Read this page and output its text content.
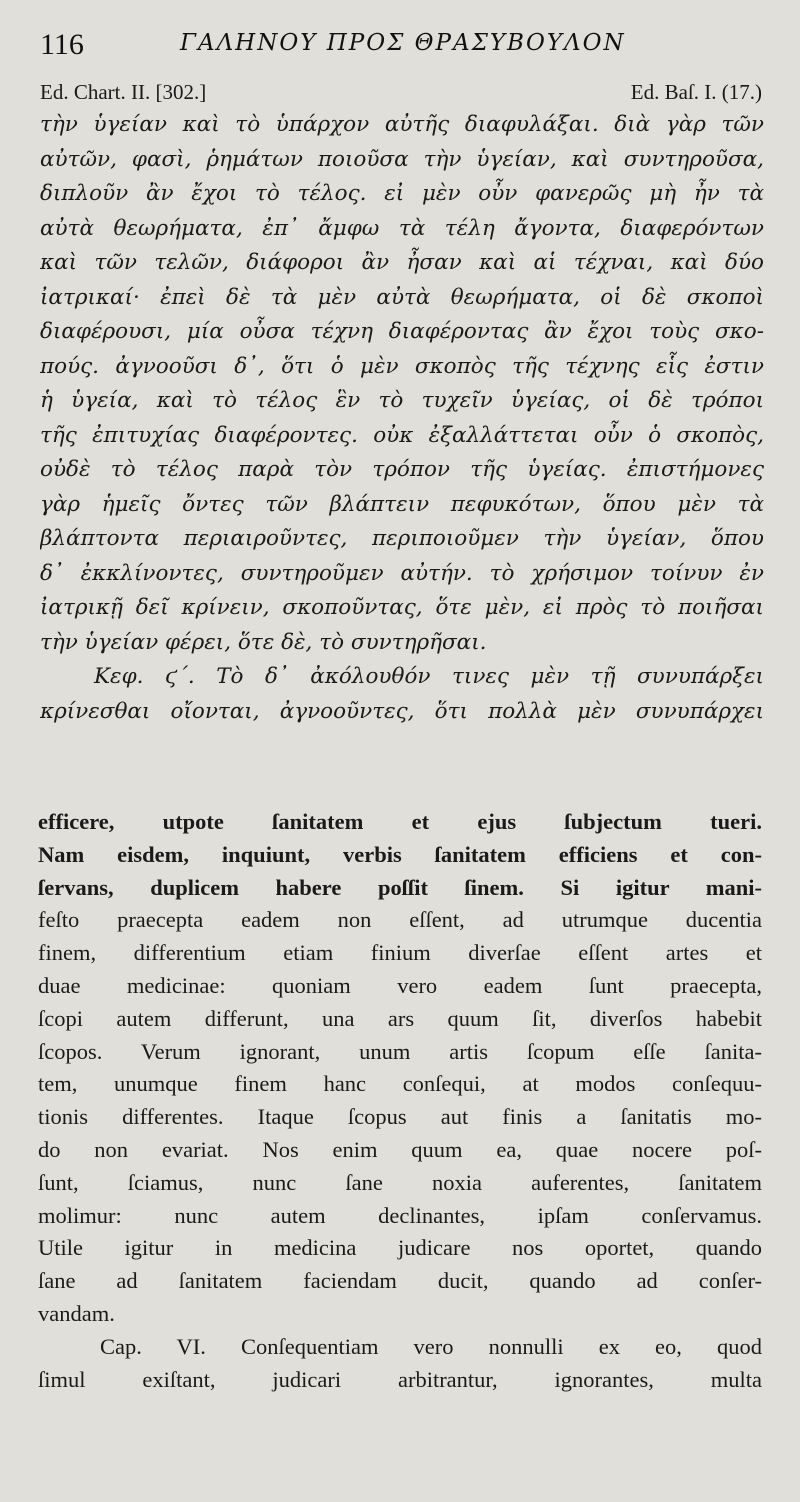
116	ΓΑΛΗΝΟΥ ΠΡΟΣ ΘΡΑΣΥΒΟΥΛΟΝ
Ed. Chart. II. [302.]	Ed. Baſ. I. (17.)
τὴν ὑγείαν καὶ τὸ ὑπάρχον αὐτῆς διαφυλάξαι. διὰ γὰρ τῶν
αὐτῶν, φασὶ, ῥημάτων ποιοῦσα τὴν ὑγείαν, καὶ συντηροῦσα,
διπλοῦν ἂν ἔχοι τὸ τέλος. εἰ μὲν οὖν φανερῶς μὴ ἦν τὰ
αὐτὰ θεωρήματα, ἐπ᾽ ἄμφω τὰ τέλη ἄγοντα, διαφερόντων
καὶ τῶν τελῶν, διάφοροι ἂν ἦσαν καὶ αἱ τέχναι, καὶ δύο
ἰατρικαί· ἐπεὶ δὲ τὰ μὲν αὐτὰ θεωρήματα, οἱ δὲ σκοποὶ
διαφέρουσι, μία οὖσα τέχνη διαφέροντας ἂν ἔχοι τοὺς σκο-
πούς. ἀγνοοῦσι δ᾽, ὅτι ὁ μὲν σκοπὸς τῆς τέχνης εἷς ἐστιν
ἡ ὑγεία, καὶ τὸ τέλος ἓν τὸ τυχεῖν ὑγείας, οἱ δὲ τρόποι
τῆς ἐπιτυχίας διαφέροντες. οὐκ ἐξαλλάττεται οὖν ὁ σκοπὸς,
οὐδὲ τὸ τέλος παρὰ τὸν τρόπον τῆς ὑγείας. ἐπιστήμονες
γὰρ ἡμεῖς ὄντες τῶν βλάπτειν πεφυκότων, ὅπου μὲν τὰ
βλάπτοντα περιαιροῦντες, περιποιοῦμεν τὴν ὑγείαν, ὅπου
δ᾽ ἐκκλίνοντες, συντηροῦμεν αὐτήν. τὸ χρήσιμον τοίνυν ἐν
ἰατρικῇ δεῖ κρίνειν, σκοποῦντας, ὅτε μὲν, εἰ πρὸς τὸ ποιῆσαι
τὴν ὑγείαν φέρει, ὅτε δὲ, τὸ συντηρῆσαι.
Κεφ. ϛ΄. Τὸ δ᾽ ἀκόλουθόν τινες μὲν τῇ συνυπάρξει
κρίνεσθαι οἴονται, ἀγνοοῦντες, ὅτι πολλὰ μὲν συνυπάρχει
efficere, utpote ſanitatem et ejus ſubjectum tueri.
Nam eisdem, inquiunt, verbis ſanitatem efficiens et con-
ſervans, duplicem habere poſſit ſinem. Si igitur mani-
feſto praecepta eadem non eſſent, ad utrumque ducentia
finem, differentium etiam finium diverſae eſſent artes et
duae medicinae: quoniam vero eadem ſunt praecepta,
ſcopi autem differunt, una ars quum ſit, diverſos habebit
ſcopos. Verum ignorant, unum artis ſcopum eſſe ſanita-
tem, unumque finem hanc conſequi, at modos conſequu-
tionis differentes. Itaque ſcopus aut finis a ſanitatis mo-
do non evariat. Nos enim quum ea, quae nocere poſ-
ſunt, ſciamus, nunc ſane noxia auferentes, ſanitatem
molimur: nunc autem declinantes, ipſam conſervamus.
Utile igitur in medicina judicare nos oportet, quando
ſane ad ſanitatem faciendam ducit, quando ad conſer-
vandam.
Cap. VI. Conſequentiam vero nonnulli ex eo, quod
ſimul exiſtant, judicari arbitrantur, ignorantes, multa
